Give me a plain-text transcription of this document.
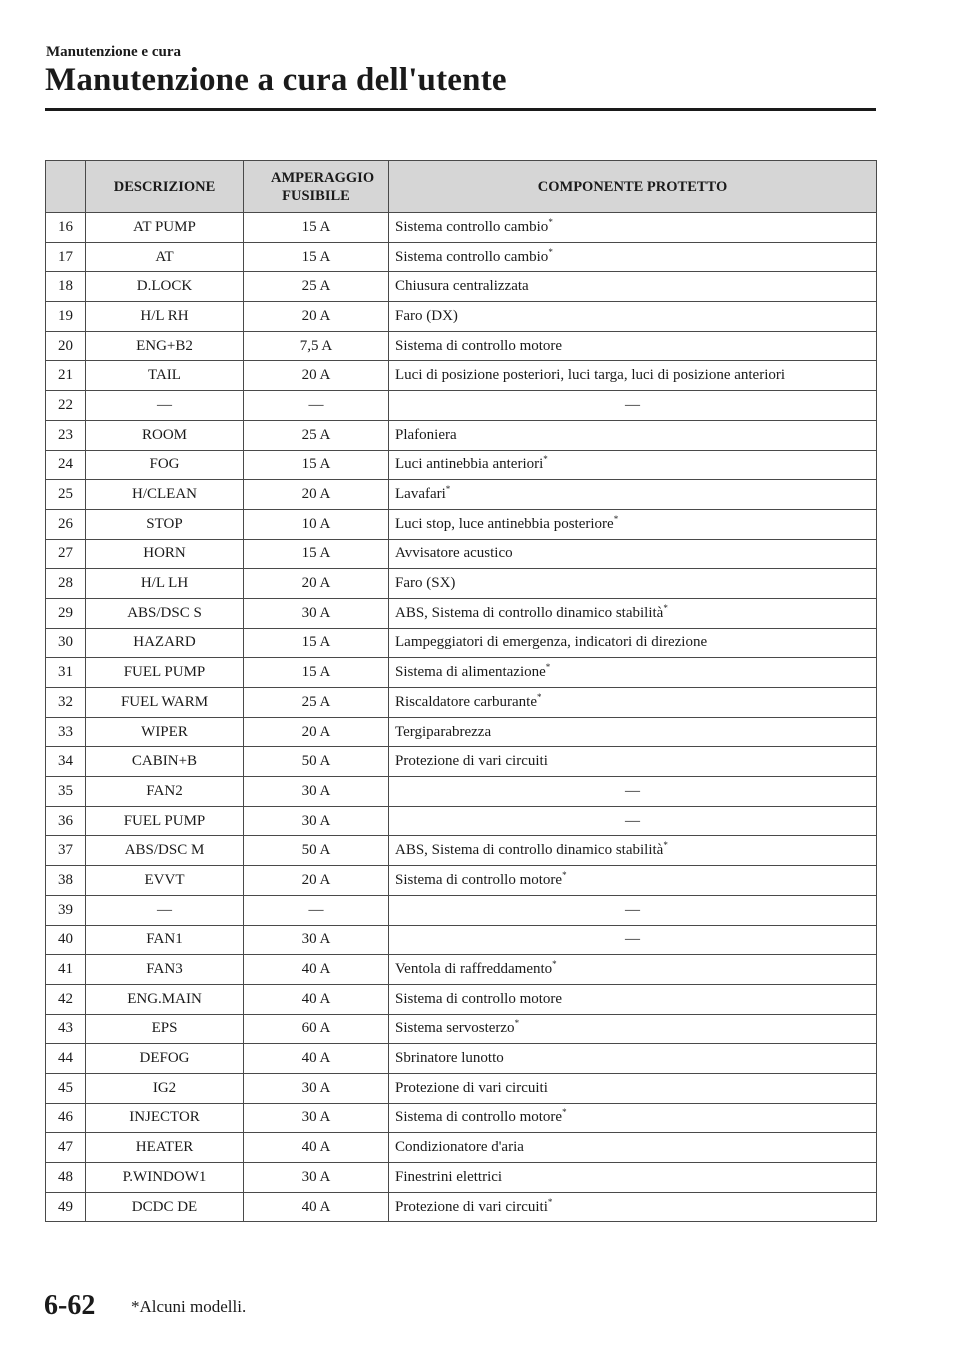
Manutenzione e cura
Manutenzione a cura dell'utente
	DESCRIZIONE	AMPERAGGIO FUSIBILE	COMPONENTE PROTETTO
16	AT PUMP	15 A	Sistema controllo cambio*
17	AT	15 A	Sistema controllo cambio*
18	D.LOCK	25 A	Chiusura centralizzata
19	H/L RH	20 A	Faro (DX)
20	ENG+B2	7,5 A	Sistema di controllo motore
21	TAIL	20 A	Luci di posizione posteriori, luci targa, luci di posizione anteriori
22	—	—	—
23	ROOM	25 A	Plafoniera
24	FOG	15 A	Luci antinebbia anteriori*
25	H/CLEAN	20 A	Lavafari*
26	STOP	10 A	Luci stop, luce antinebbia posteriore*
27	HORN	15 A	Avvisatore acustico
28	H/L LH	20 A	Faro (SX)
29	ABS/DSC S	30 A	ABS, Sistema di controllo dinamico stabilità*
30	HAZARD	15 A	Lampeggiatori di emergenza, indicatori di direzione
31	FUEL PUMP	15 A	Sistema di alimentazione*
32	FUEL WARM	25 A	Riscaldatore carburante*
33	WIPER	20 A	Tergiparabrezza
34	CABIN+B	50 A	Protezione di vari circuiti
35	FAN2	30 A	—
36	FUEL PUMP	30 A	—
37	ABS/DSC M	50 A	ABS, Sistema di controllo dinamico stabilità*
38	EVVT	20 A	Sistema di controllo motore*
39	—	—	—
40	FAN1	30 A	—
41	FAN3	40 A	Ventola di raffreddamento*
42	ENG.MAIN	40 A	Sistema di controllo motore
43	EPS	60 A	Sistema servosterzo*
44	DEFOG	40 A	Sbrinatore lunotto
45	IG2	30 A	Protezione di vari circuiti
46	INJECTOR	30 A	Sistema di controllo motore*
47	HEATER	40 A	Condizionatore d'aria
48	P.WINDOW1	30 A	Finestrini elettrici
49	DCDC DE	40 A	Protezione di vari circuiti*
6-62 *Alcuni modelli.
